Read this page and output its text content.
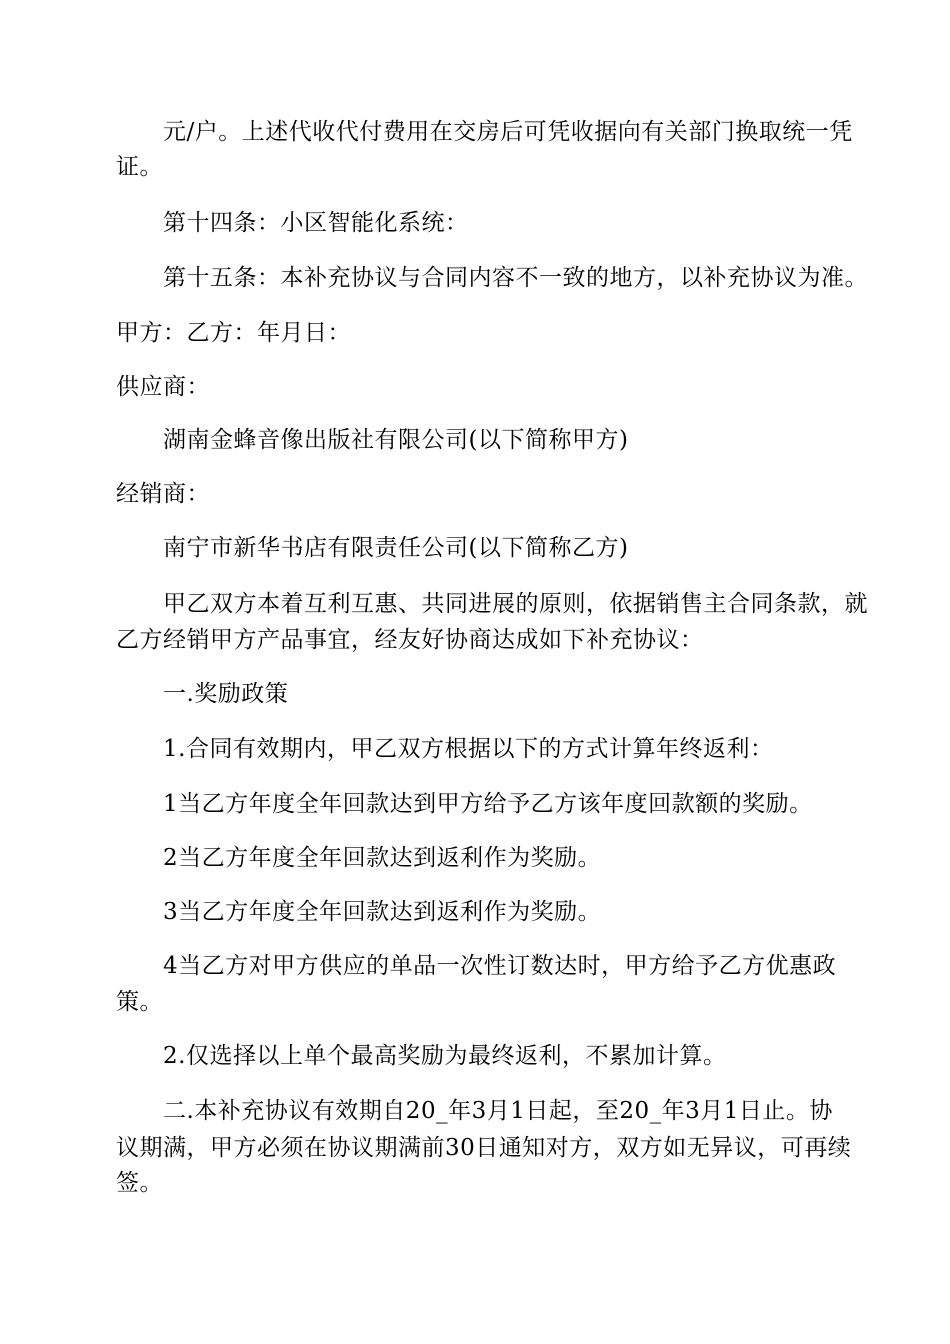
元/户。上述代收代付费用在交房后可凭收据向有关部门换取统一凭
证。
第十四条：小区智能化系统：
第十五条：本补充协议与合同内容不一致的地方，以补充协议为准。
甲方：乙方：年月日：
供应商：
湖南金蜂音像出版社有限公司(以下简称甲方)
经销商：
南宁市新华书店有限责任公司(以下简称乙方)
甲乙双方本着互利互惠、共同进展的原则，依据销售主合同条款，就
乙方经销甲方产品事宜，经友好协商达成如下补充协议：
一.奖励政策
1.合同有效期内，甲乙双方根据以下的方式计算年终返利：
1当乙方年度全年回款达到甲方给予乙方该年度回款额的奖励。
2当乙方年度全年回款达到返利作为奖励。
3当乙方年度全年回款达到返利作为奖励。
4当乙方对甲方供应的单品一次性订数达时，甲方给予乙方优惠政
策。
2.仅选择以上单个最高奖励为最终返利，不累加计算。
二.本补充协议有效期自20_年3月1日起，至20_年3月1日止。协
议期满，甲方必须在协议期满前30日通知对方，双方如无异议，可再续
签。
